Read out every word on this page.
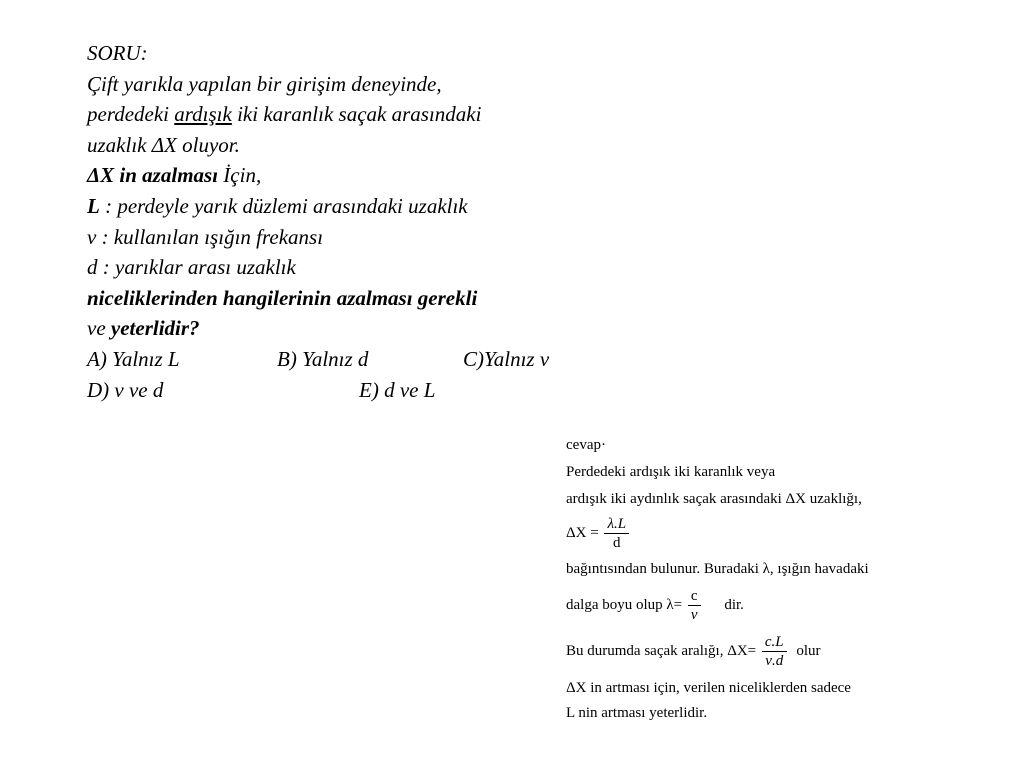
SORU:
Çift yarıkla yapılan bir girişim deneyinde,
perdedeki ardışık iki karanlık saçak arasındaki
uzaklık ΔX oluyor.
ΔX in azalması İçin,
L : perdeyle yarık düzlemi arasındaki uzaklık
v : kullanılan ışığın frekansı
d : yarıklar arası uzaklık
niceliklerinden hangilerinin azalması gerekli
ve yeterlidir?
A) Yalnız L	B) Yalnız d	C)Yalnız v
D) v ve d	E) d ve L
cevap·
Perdedeki ardışık iki karanlık veya
ardışık iki aydınlık saçak arasındaki ΔX uzaklığı,
$\Delta X = \frac{\lambda.L}{d}$
bağıntısından bulunur. Buradaki λ, ışığın havadaki
dalga boyu olup $\lambda= \frac{c}{\nu}$ dir.
Bu durumda saçak aralığı, $\Delta X= \frac{c.L}{\nu.d}$ olur
ΔX in artması için, verilen niceliklerden sadece
L nin artması yeterlidir.
